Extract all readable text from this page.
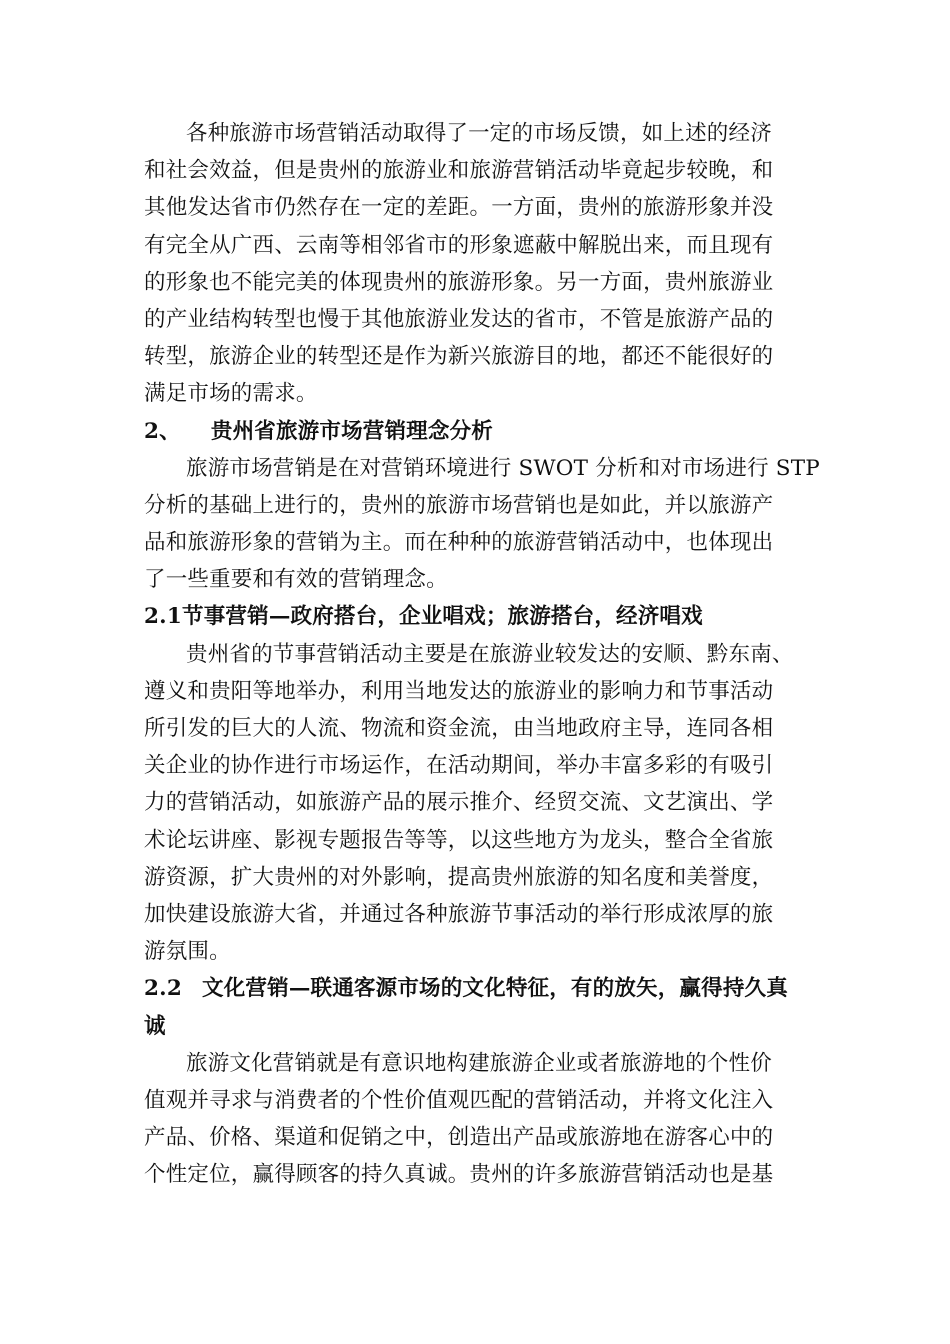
各种旅游市场营销活动取得了一定的市场反馈，如上述的经济
和社会效益，但是贵州的旅游业和旅游营销活动毕竟起步较晚，和
其他发达省市仍然存在一定的差距。一方面，贵州的旅游形象并没
有完全从广西、云南等相邻省市的形象遮蔽中解脱出来，而且现有
的形象也不能完美的体现贵州的旅游形象。另一方面，贵州旅游业
的产业结构转型也慢于其他旅游业发达的省市，不管是旅游产品的
转型，旅游企业的转型还是作为新兴旅游目的地，都还不能很好的
满足市场的需求。
2、 贵州省旅游市场营销理念分析
旅游市场营销是在对营销环境进行 SWOT 分析和对市场进行 STP
分析的基础上进行的，贵州的旅游市场营销也是如此，并以旅游产
品和旅游形象的营销为主。而在种种的旅游营销活动中，也体现出
了一些重要和有效的营销理念。
2.1节事营销—政府搭台，企业唱戏；旅游搭台，经济唱戏
贵州省的节事营销活动主要是在旅游业较发达的安顺、黔东南、
遵义和贵阳等地举办，利用当地发达的旅游业的影响力和节事活动
所引发的巨大的人流、物流和资金流，由当地政府主导，连同各相
关企业的协作进行市场运作，在活动期间，举办丰富多彩的有吸引
力的营销活动，如旅游产品的展示推介、经贸交流、文艺演出、学
术论坛讲座、影视专题报告等等，以这些地方为龙头，整合全省旅
游资源，扩大贵州的对外影响，提高贵州旅游的知名度和美誉度，
加快建设旅游大省，并通过各种旅游节事活动的举行形成浓厚的旅
游氛围。
2.2 文化营销—联通客源市场的文化特征，有的放矢，赢得持久真
诚
旅游文化营销就是有意识地构建旅游企业或者旅游地的个性价
值观并寻求与消费者的个性价值观匹配的营销活动，并将文化注入
产品、价格、渠道和促销之中，创造出产品或旅游地在游客心中的
个性定位，赢得顾客的持久真诚。贵州的许多旅游营销活动也是基
